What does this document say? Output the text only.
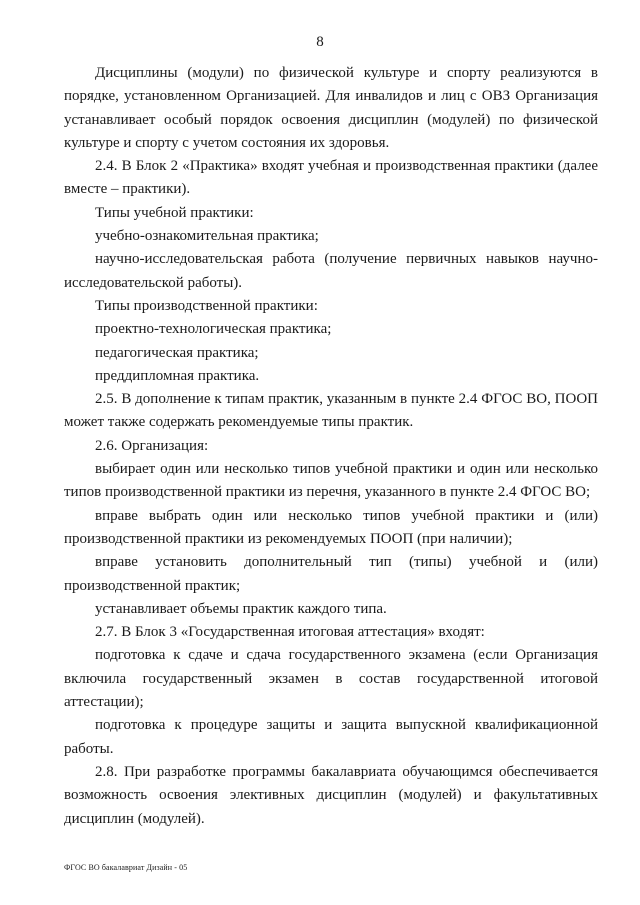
8

Дисциплины (модули) по физической культуре и спорту реализуются в порядке, установленном Организацией. Для инвалидов и лиц с ОВЗ Организация устанавливает особый порядок освоения дисциплин (модулей) по физической культуре и спорту с учетом состояния их здоровья.

2.4. В Блок 2 «Практика» входят учебная и производственная практики (далее вместе – практики).

Типы учебной практики:

учебно-ознакомительная практика;

научно-исследовательская работа (получение первичных навыков научно-исследовательской работы).

Типы производственной практики:

проектно-технологическая практика;

педагогическая практика;

преддипломная практика.

2.5. В дополнение к типам практик, указанным в пункте 2.4 ФГОС ВО, ПООП может также содержать рекомендуемые типы практик.

2.6. Организация:

выбирает один или несколько типов учебной практики и один или несколько типов производственной практики из перечня, указанного в пункте 2.4 ФГОС ВО;

вправе выбрать один или несколько типов учебной практики и (или) производственной практики из рекомендуемых ПООП (при наличии);

вправе установить дополнительный тип (типы) учебной и (или) производственной практик;

устанавливает объемы практик каждого типа.

2.7. В Блок 3 «Государственная итоговая аттестация» входят:

подготовка к сдаче и сдача государственного экзамена (если Организация включила государственный экзамен в состав государственной итоговой аттестации);

подготовка к процедуре защиты и защита выпускной квалификационной работы.

2.8. При разработке программы бакалавриата обучающимся обеспечивается возможность освоения элективных дисциплин (модулей) и факультативных дисциплин (модулей).

ФГОС ВО бакалавриат Дизайн - 05
